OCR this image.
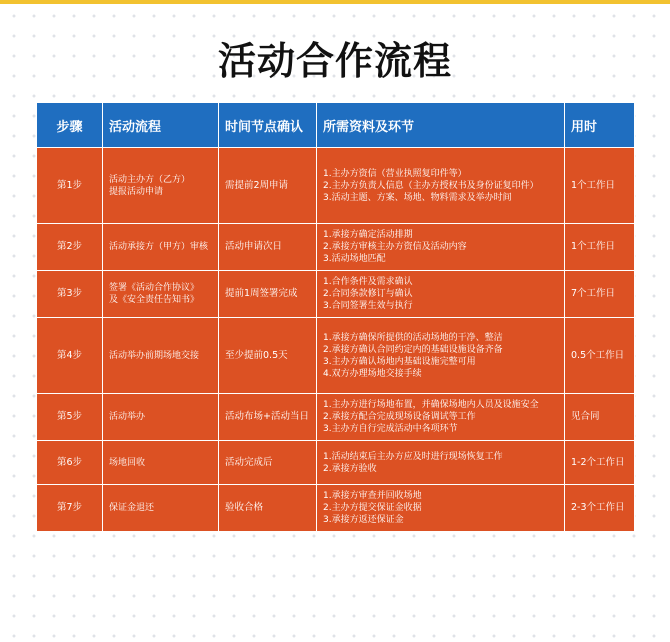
活动合作流程
步骤	活动流程	时间节点确认	所需资料及环节	用时
第1步	活动主办方（乙方）
提报活动申请	需提前2周申请	1.主办方资信（营业执照复印件等）
2.主办方负责人信息（主办方授权书及身份证复印件）
3.活动主题、方案、场地、物料需求及举办时间	1个工作日
第2步	活动承接方（甲方）审核	活动申请次日	1.承接方确定活动排期
2.承接方审核主办方资信及活动内容
3.活动场地匹配	1个工作日
第3步	签署《活动合作协议》
及《安全责任告知书》	提前1周签署完成	1.合作条件及需求确认
2.合同条款修订与确认
3.合同签署生效与执行	7个工作日
第4步	活动举办前期场地交接	至少提前0.5天	1.承接方确保所提供的活动场地的干净、整洁
2.承接方确认合同约定内的基础设施设备齐备
3.主办方确认场地内基础设施完整可用
4.双方办理场地交接手续	0.5个工作日
第5步	活动举办	活动布场+活动当日	1.主办方进行场地布置，并确保场地内人员及设施安全
2.承接方配合完成现场设备调试等工作
3.主办方自行完成活动中各项环节	见合同
第6步	场地回收	活动完成后	1.活动结束后主办方应及时进行现场恢复工作
2.承接方验收	1-2个工作日
第7步	保证金退还	验收合格	1.承接方审查并回收场地
2.主办方提交保证金收据
3.承接方返还保证金	2-3个工作日
